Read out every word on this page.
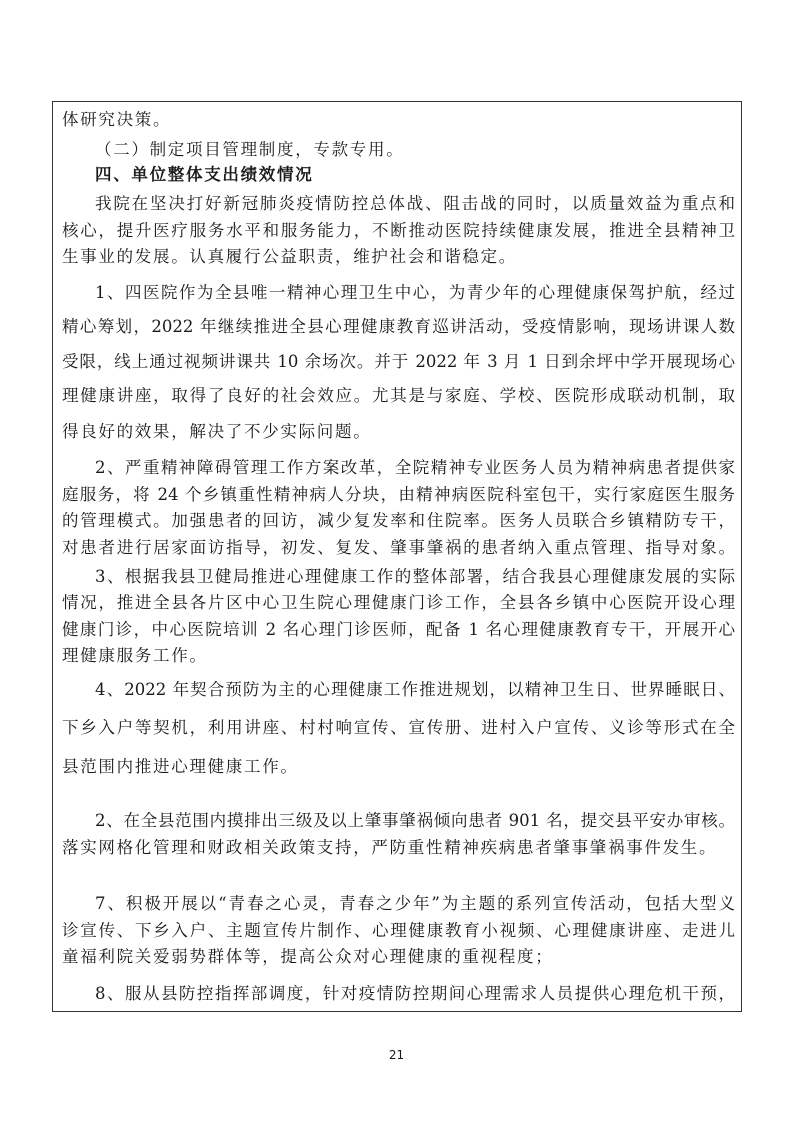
体研究决策。
（二）制定项目管理制度，专款专用。
四、单位整体支出绩效情况
我院在坚决打好新冠肺炎疫情防控总体战、阻击战的同时，以质量效益为重点和
核心，提升医疗服务水平和服务能力，不断推动医院持续健康发展，推进全县精神卫
生事业的发展。认真履行公益职责，维护社会和谐稳定。
1、四医院作为全县唯一精神心理卫生中心，为青少年的心理健康保驾护航，经过
精心筹划，2022 年继续推进全县心理健康教育巡讲活动，受疫情影响，现场讲课人数
受限，线上通过视频讲课共 10 余场次。并于 2022 年 3 月 1 日到余坪中学开展现场心
理健康讲座，取得了良好的社会效应。尤其是与家庭、学校、医院形成联动机制，取
得良好的效果，解决了不少实际问题。
2、严重精神障碍管理工作方案改革，全院精神专业医务人员为精神病患者提供家
庭服务，将 24 个乡镇重性精神病人分块，由精神病医院科室包干，实行家庭医生服务
的管理模式。加强患者的回访，减少复发率和住院率。医务人员联合乡镇精防专干，
对患者进行居家面访指导，初发、复发、肇事肇祸的患者纳入重点管理、指导对象。
3、根据我县卫健局推进心理健康工作的整体部署，结合我县心理健康发展的实际
情况，推进全县各片区中心卫生院心理健康门诊工作，全县各乡镇中心医院开设心理
健康门诊，中心医院培训 2 名心理门诊医师，配备 1 名心理健康教育专干，开展开心
理健康服务工作。
4、2022 年契合预防为主的心理健康工作推进规划，以精神卫生日、世界睡眠日、
下乡入户等契机，利用讲座、村村响宣传、宣传册、进村入户宣传、义诊等形式在全
县范围内推进心理健康工作。
2、在全县范围内摸排出三级及以上肇事肇祸倾向患者 901 名，提交县平安办审核。
落实网格化管理和财政相关政策支持，严防重性精神疾病患者肇事肇祸事件发生。
7、积极开展以“青春之心灵，青春之少年”为主题的系列宣传活动，包括大型义
诊宣传、下乡入户、主题宣传片制作、心理健康教育小视频、心理健康讲座、走进儿
童福利院关爱弱势群体等，提高公众对心理健康的重视程度；
8、服从县防控指挥部调度，针对疫情防控期间心理需求人员提供心理危机干预，
21
